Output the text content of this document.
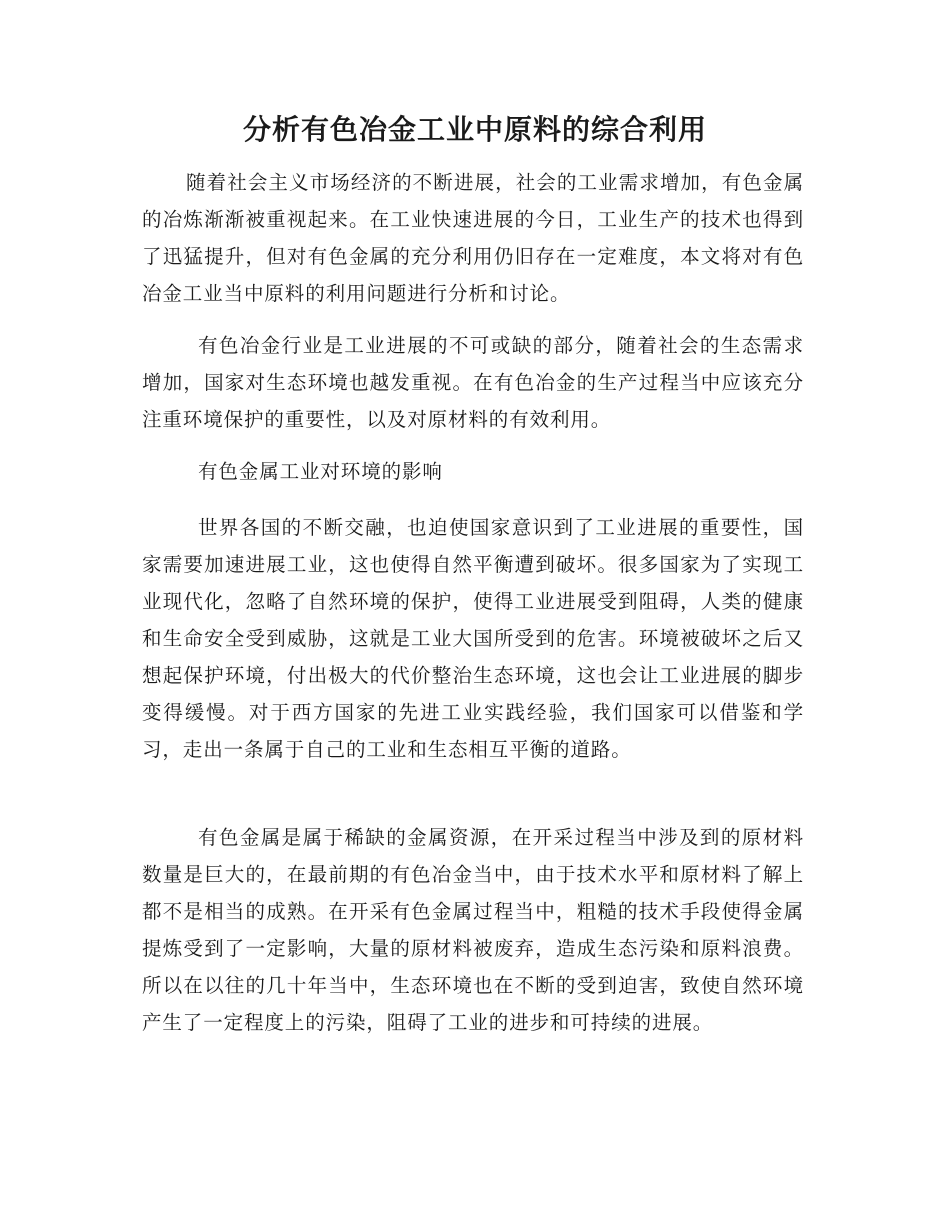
分析有色冶金工业中原料的综合利用

随着社会主义市场经济的不断进展，社会的工业需求增加，有色金属的冶炼渐渐被重视起来。在工业快速进展的今日，工业生产的技术也得到了迅猛提升，但对有色金属的充分利用仍旧存在一定难度，本文将对有色冶金工业当中原料的利用问题进行分析和讨论。

有色冶金行业是工业进展的不可或缺的部分，随着社会的生态需求增加，国家对生态环境也越发重视。在有色冶金的生产过程当中应该充分注重环境保护的重要性，以及对原材料的有效利用。

有色金属工业对环境的影响

世界各国的不断交融，也迫使国家意识到了工业进展的重要性，国家需要加速进展工业，这也使得自然平衡遭到破坏。很多国家为了实现工业现代化，忽略了自然环境的保护，使得工业进展受到阻碍，人类的健康和生命安全受到威胁，这就是工业大国所受到的危害。环境被破坏之后又想起保护环境，付出极大的代价整治生态环境，这也会让工业进展的脚步变得缓慢。对于西方国家的先进工业实践经验，我们国家可以借鉴和学习，走出一条属于自己的工业和生态相互平衡的道路。

有色金属是属于稀缺的金属资源，在开采过程当中涉及到的原材料数量是巨大的，在最前期的有色冶金当中，由于技术水平和原材料了解上都不是相当的成熟。在开采有色金属过程当中，粗糙的技术手段使得金属提炼受到了一定影响，大量的原材料被废弃，造成生态污染和原料浪费。所以在以往的几十年当中，生态环境也在不断的受到迫害，致使自然环境产生了一定程度上的污染，阻碍了工业的进步和可持续的进展。
